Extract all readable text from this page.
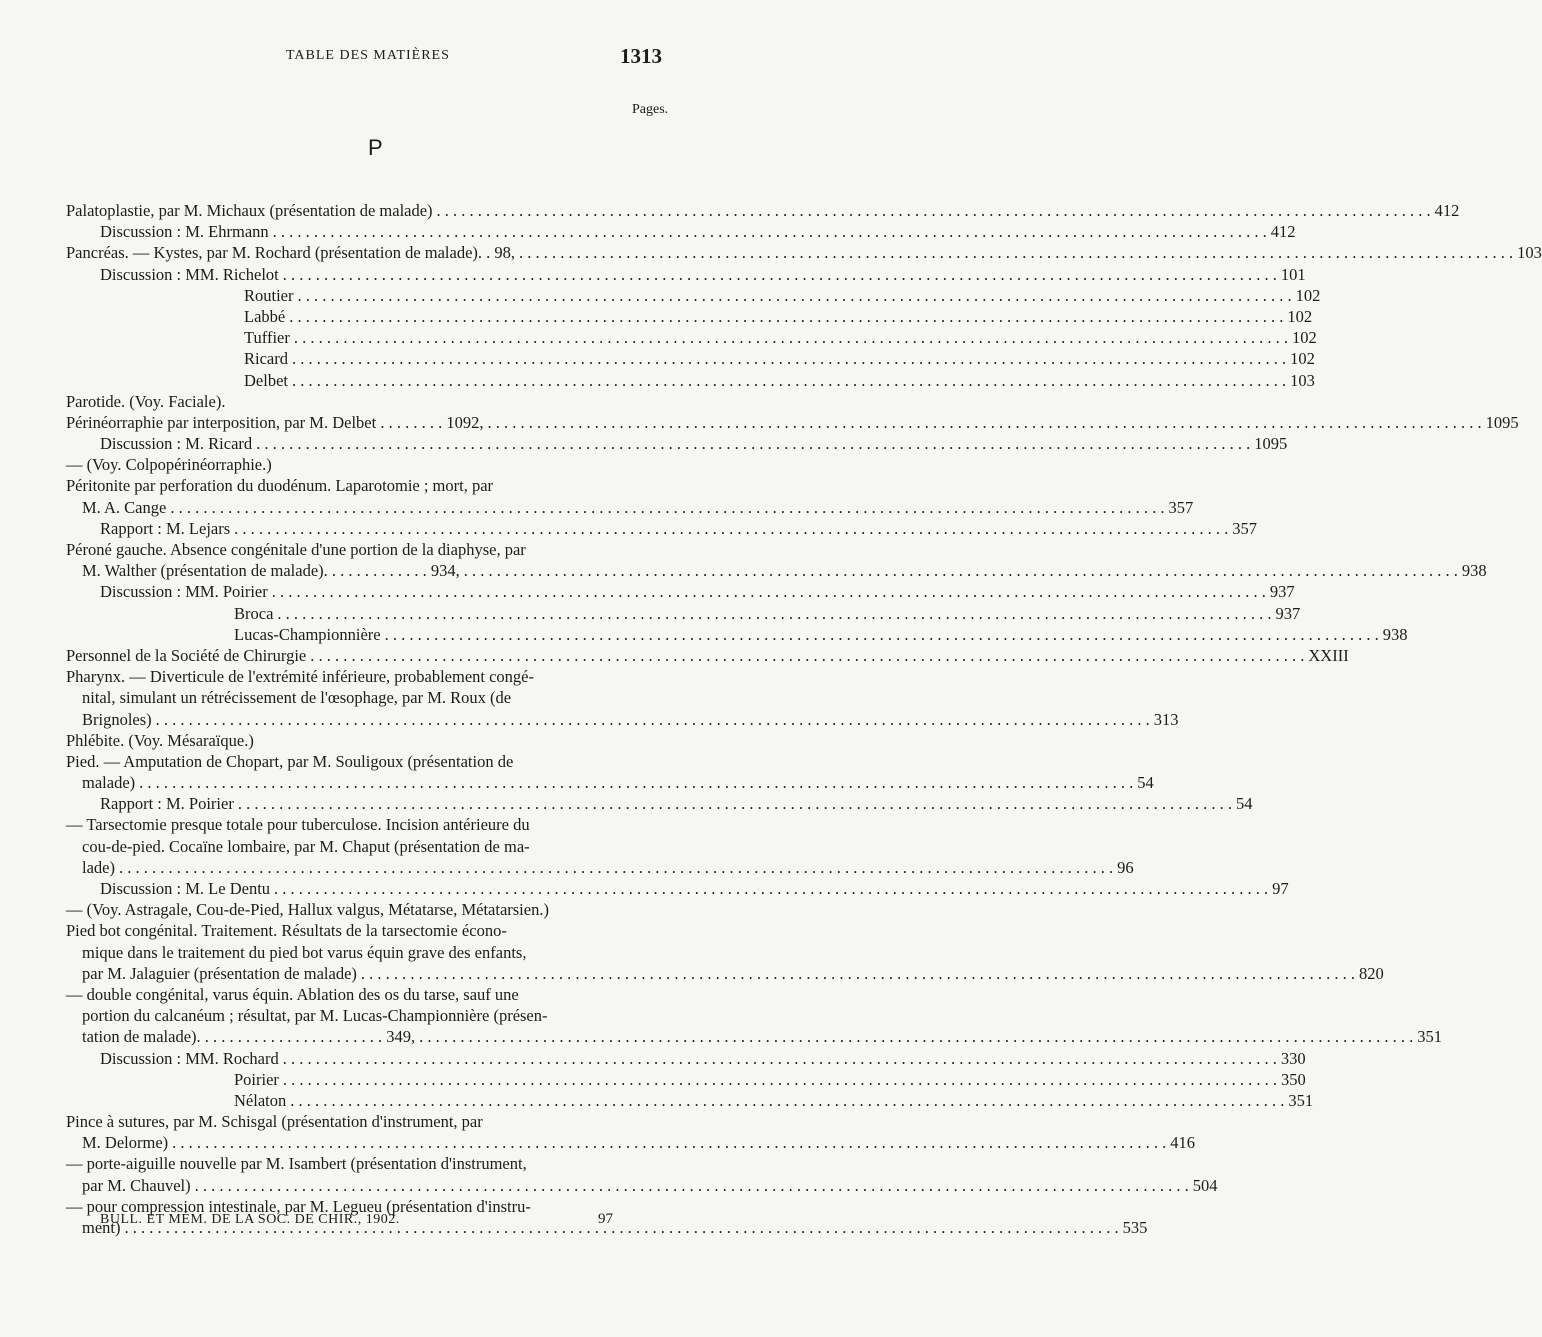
TABLE DES MATIÈRES	1313
Pages.
P
Palatoplastie, par M. Michaux (présentation de malade) . . .	412
Discussion : M. Ehrmann . . .	412
Pancréas. — Kystes, par M. Rochard (présentation de malade). . 98, . . .	103
Discussion : MM. Richelot . . .	101
Routier . . .	102
Labbé . . .	102
Tuffier . . .	102
Ricard . . .	102
Delbet . . .	103
Parotide. (Voy. Faciale).
Périnéorraphie par interposition, par M. Delbet . . . . . . . . 1092, . . .	1095
Discussion : M. Ricard . . .	1095
— (Voy. Colpopérinéorraphie.)
Péritonite par perforation du duodénum. Laparotomie ; mort, par
M. A. Cange . . .	357
Rapport : M. Lejars . . .	357
Péroné gauche. Absence congénitale d'une portion de la diaphyse, par
M. Walther (présentation de malade). . . . . . . . . . . . . 934, . . .	938
Discussion : MM. Poirier . . .	937
Broca . . .	937
Lucas-Championnière . . .	938
Personnel de la Société de Chirurgie . . .	XXIII
Pharynx. — Diverticule de l'extrémité inférieure, probablement congé-
nital, simulant un rétrécissement de l'œsophage, par M. Roux (de
Brignoles) . . .	313
Phlébite. (Voy. Mésaraïque.)
Pied. — Amputation de Chopart, par M. Souligoux (présentation de
malade) . . .	54
Rapport : M. Poirier . . .	54
— Tarsectomie presque totale pour tuberculose. Incision antérieure du
cou-de-pied. Cocaïne lombaire, par M. Chaput (présentation de ma-
lade) . . .	96
Discussion : M. Le Dentu . . .	97
— (Voy. Astragale, Cou-de-Pied, Hallux valgus, Métatarse, Métatarsien.)
Pied bot congénital. Traitement. Résultats de la tarsectomie écono-
mique dans le traitement du pied bot varus équin grave des enfants,
par M. Jalaguier (présentation de malade) . . .	820
— double congénital, varus équin. Ablation des os du tarse, sauf une
portion du calcanéum ; résultat, par M. Lucas-Championnière (présen-
tation de malade). . . . . . . . . . . . . . . . . . . . . . . 349, . . .	351
Discussion : MM. Rochard . . .	330
Poirier . . .	350
Nélaton . . .	351
Pince à sutures, par M. Schisgal (présentation d'instrument, par
M. Delorme) . . .	416
— porte-aiguille nouvelle par M. Isambert (présentation d'instrument,
par M. Chauvel) . . .	504
— pour compression intestinale, par M. Legueu (présentation d'instru-
ment) . . .	535
BULL. ET MÉM. DE LA SOC. DE CHIR., 1902.	97
